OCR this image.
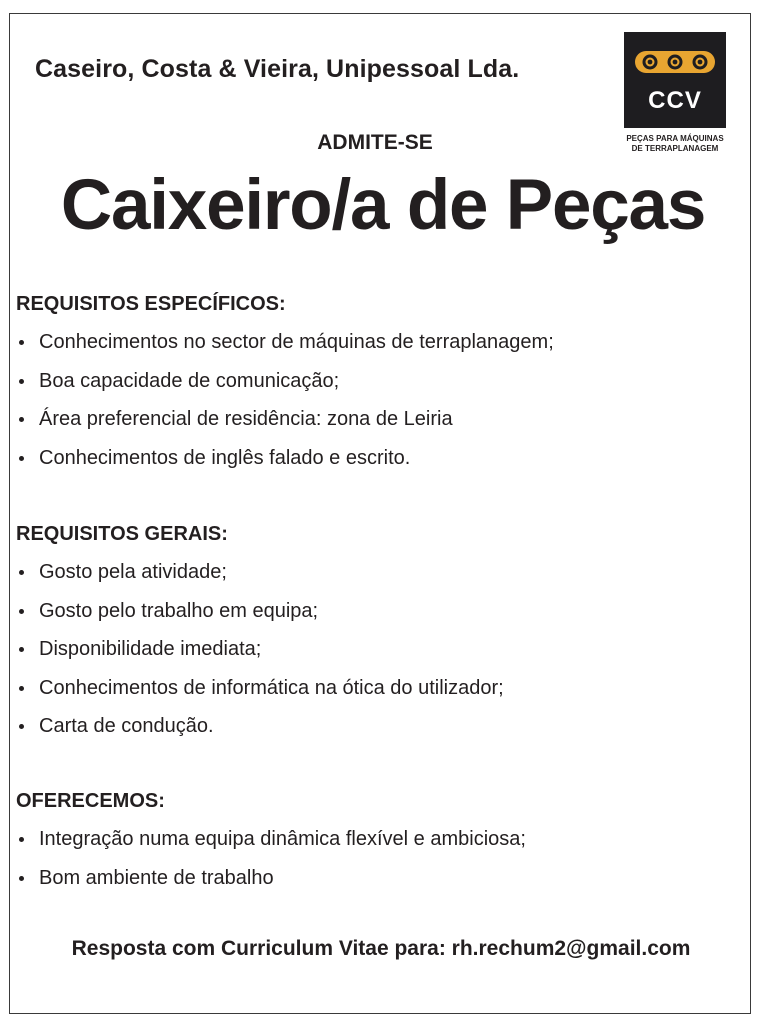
Caseiro, Costa & Vieira, Unipessoal Lda.
CCV
PEÇAS PARA MÁQUINAS
DE TERRAPLANAGEM
ADMITE-SE
Caixeiro/a de Peças
REQUISITOS ESPECÍFICOS:
Conhecimentos no sector de máquinas de terraplanagem;
Boa capacidade de comunicação;
Área preferencial de residência: zona de Leiria
Conhecimentos de inglês falado e escrito.
REQUISITOS GERAIS:
Gosto pela atividade;
Gosto pelo trabalho em equipa;
Disponibilidade imediata;
Conhecimentos de informática na ótica do utilizador;
Carta de condução.
OFERECEMOS:
Integração numa equipa dinâmica flexível e ambiciosa;
Bom ambiente de trabalho
Resposta com Curriculum Vitae para: rh.rechum2@gmail.com
